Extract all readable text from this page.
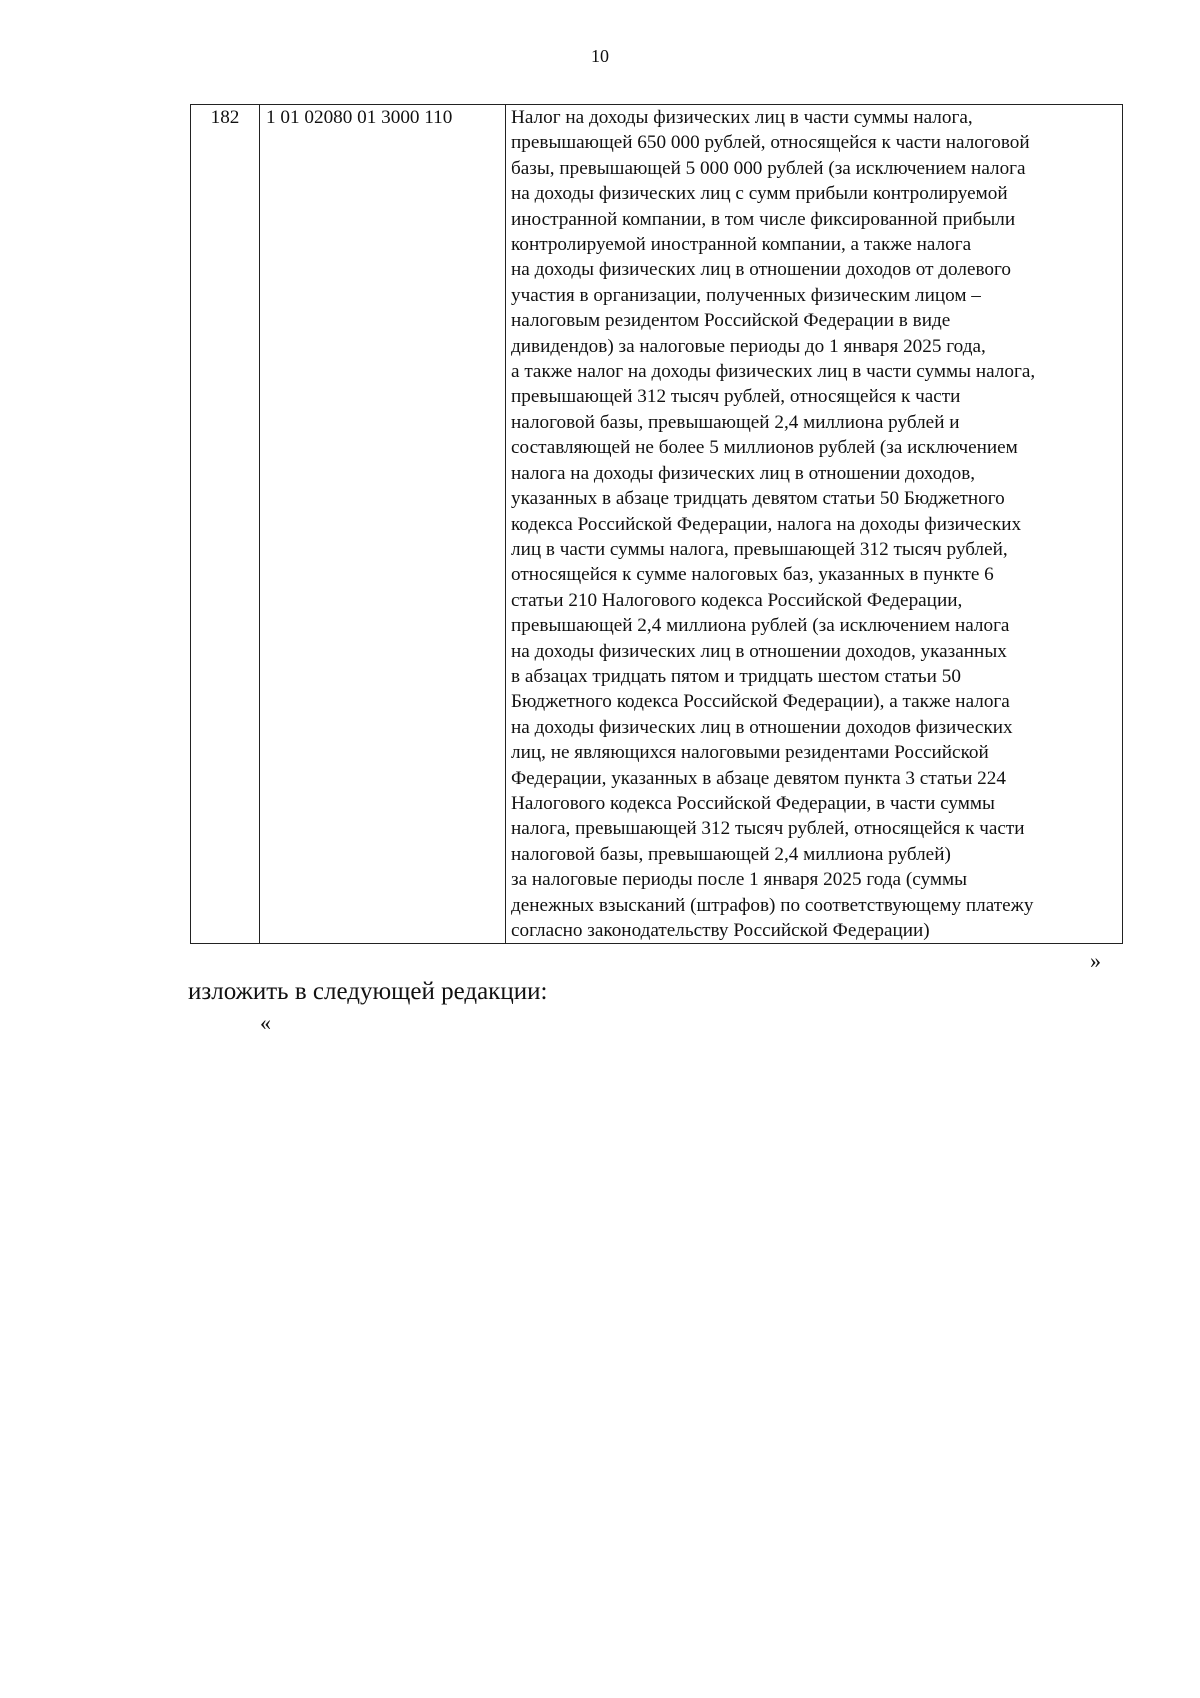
10
182	1 01 02080 01 3000 110	Налог на доходы физических лиц в части суммы налога,
превышающей 650 000 рублей, относящейся к части налоговой
базы, превышающей 5 000 000 рублей (за исключением налога
на доходы физических лиц с сумм прибыли контролируемой
иностранной компании, в том числе фиксированной прибыли
контролируемой иностранной компании, а также налога
на доходы физических лиц в отношении доходов от долевого
участия в организации, полученных физическим лицом –
налоговым резидентом Российской Федерации в виде
дивидендов) за налоговые периоды до 1 января 2025 года,
а также налог на доходы физических лиц в части суммы налога,
превышающей 312 тысяч рублей, относящейся к части
налоговой базы, превышающей 2,4 миллиона рублей и
составляющей не более 5 миллионов рублей (за исключением
налога на доходы физических лиц в отношении доходов,
указанных в абзаце тридцать девятом статьи 50 Бюджетного
кодекса Российской Федерации, налога на доходы физических
лиц в части суммы налога, превышающей 312 тысяч рублей,
относящейся к сумме налоговых баз, указанных в пункте 6
статьи 210 Налогового кодекса Российской Федерации,
превышающей 2,4 миллиона рублей (за исключением налога
на доходы физических лиц в отношении доходов, указанных
в абзацах тридцать пятом и тридцать шестом статьи 50
Бюджетного кодекса Российской Федерации), а также налога
на доходы физических лиц в отношении доходов физических
лиц, не являющихся налоговыми резидентами Российской
Федерации, указанных в абзаце девятом пункта 3 статьи 224
Налогового кодекса Российской Федерации, в части суммы
налога, превышающей 312 тысяч рублей, относящейся к части
налоговой базы, превышающей 2,4 миллиона рублей)
за налоговые периоды после 1 января 2025 года (суммы
денежных взысканий (штрафов) по соответствующему платежу
согласно законодательству Российской Федерации)
»
изложить в следующей редакции:
«
